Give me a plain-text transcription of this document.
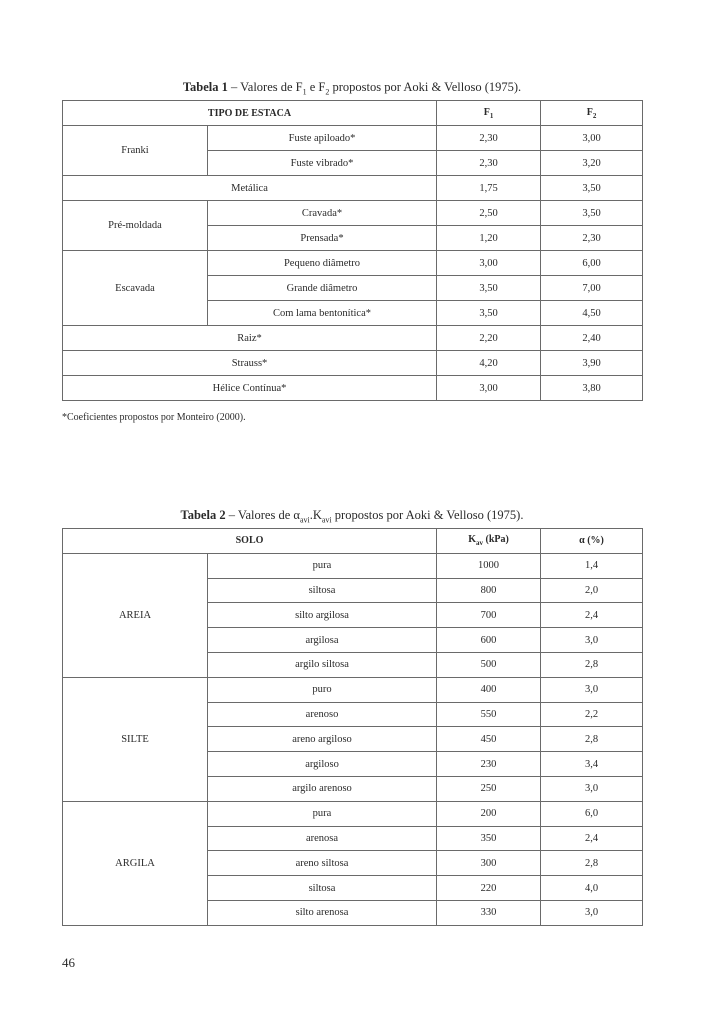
Tabela 1 – Valores de $F_1$ e $F_2$ propostos por Aoki & Velloso (1975).
TIPO DE ESTACA		$F_1$	$F_2$
Franki	Fuste apiloado*	2,30	3,00
	Fuste vibrado*	2,30	3,20
Metálica		1,75	3,50
Pré-moldada	Cravada*	2,50	3,50
	Prensada*	1,20	2,30
Escavada	Pequeno diâmetro	3,00	6,00
	Grande diâmetro	3,50	7,00
	Com lama bentonítica*	3,50	4,50
Raiz*		2,20	2,40
Strauss*		4,20	3,90
Hélice Contínua*		3,00	3,80
*Coeficientes propostos por Monteiro (2000).
Tabela 2 – Valores de $\alpha_{avi}.K_{avi}$ propostos por Aoki & Velloso (1975).
SOLO		$K_{av}$ (kPa)	α (%)
AREIA	pura	1000	1,4
	siltosa	800	2,0
	silto argilosa	700	2,4
	argilosa	600	3,0
	argilo siltosa	500	2,8
SILTE	puro	400	3,0
	arenoso	550	2,2
	areno argiloso	450	2,8
	argiloso	230	3,4
	argilo arenoso	250	3,0
ARGILA	pura	200	6,0
	arenosa	350	2,4
	areno siltosa	300	2,8
	siltosa	220	4,0
	silto arenosa	330	3,0
46
